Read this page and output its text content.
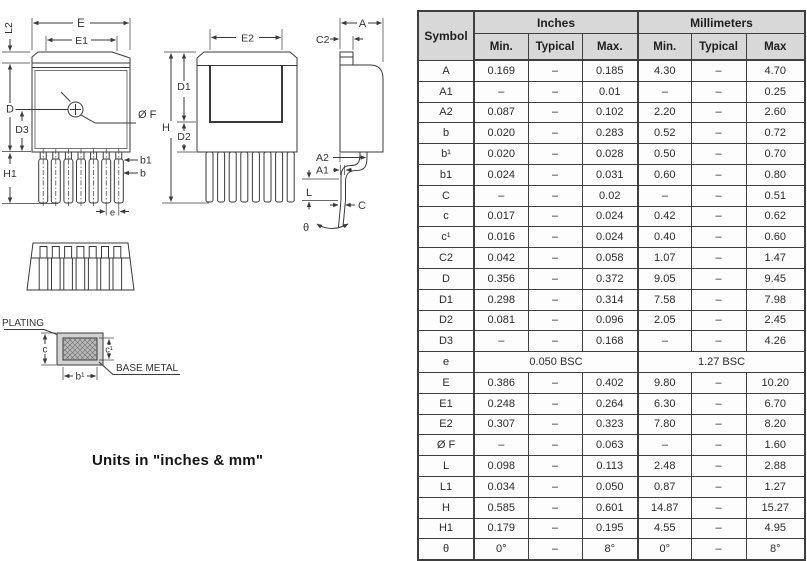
Ø F
E
E1
L2
D
D3
H1
b1
b
e
E2
H
D1
D2
A
C2
A2
A1
L
C
θ
PLATING
BASE METAL
c	c¹
b¹
Units in "inches & mm"
Symbol	Inches			Millimeters		
	Min.	Typical	Max.	Min.	Typical	Max
A	0.169	–	0.185	4.30	–	4.70
A1	–	–	0.01	–	–	0.25
A2	0.087	–	0.102	2.20	–	2.60
b	0.020	–	0.283	0.52	–	0.72
b¹	0.020	–	0.028	0.50	–	0.70
b1	0.024	–	0.031	0.60	–	0.80
C	–	–	0.02	–	–	0.51
c	0.017	–	0.024	0.42	–	0.62
c¹	0.016	–	0.024	0.40	–	0.60
C2	0.042	–	0.058	1.07	–	1.47
D	0.356	–	0.372	9.05	–	9.45
D1	0.298	–	0.314	7.58	–	7.98
D2	0.081	–	0.096	2.05	–	2.45
D3	–	–	0.168	–	–	4.26
e	0.050 BSC			1.27 BSC		
E	0.386	–	0.402	9.80	–	10.20
E1	0.248	–	0.264	6.30	–	6.70
E2	0.307	–	0.323	7.80	–	8.20
Ø F	–	–	0.063	–	–	1.60
L	0.098	–	0.113	2.48	–	2.88
L1	0.034	–	0.050	0.87	–	1.27
H	0.585	–	0.601	14.87	–	15.27
H1	0.179	–	0.195	4.55	–	4.95
θ	0°	–	8°	0°	–	8°
